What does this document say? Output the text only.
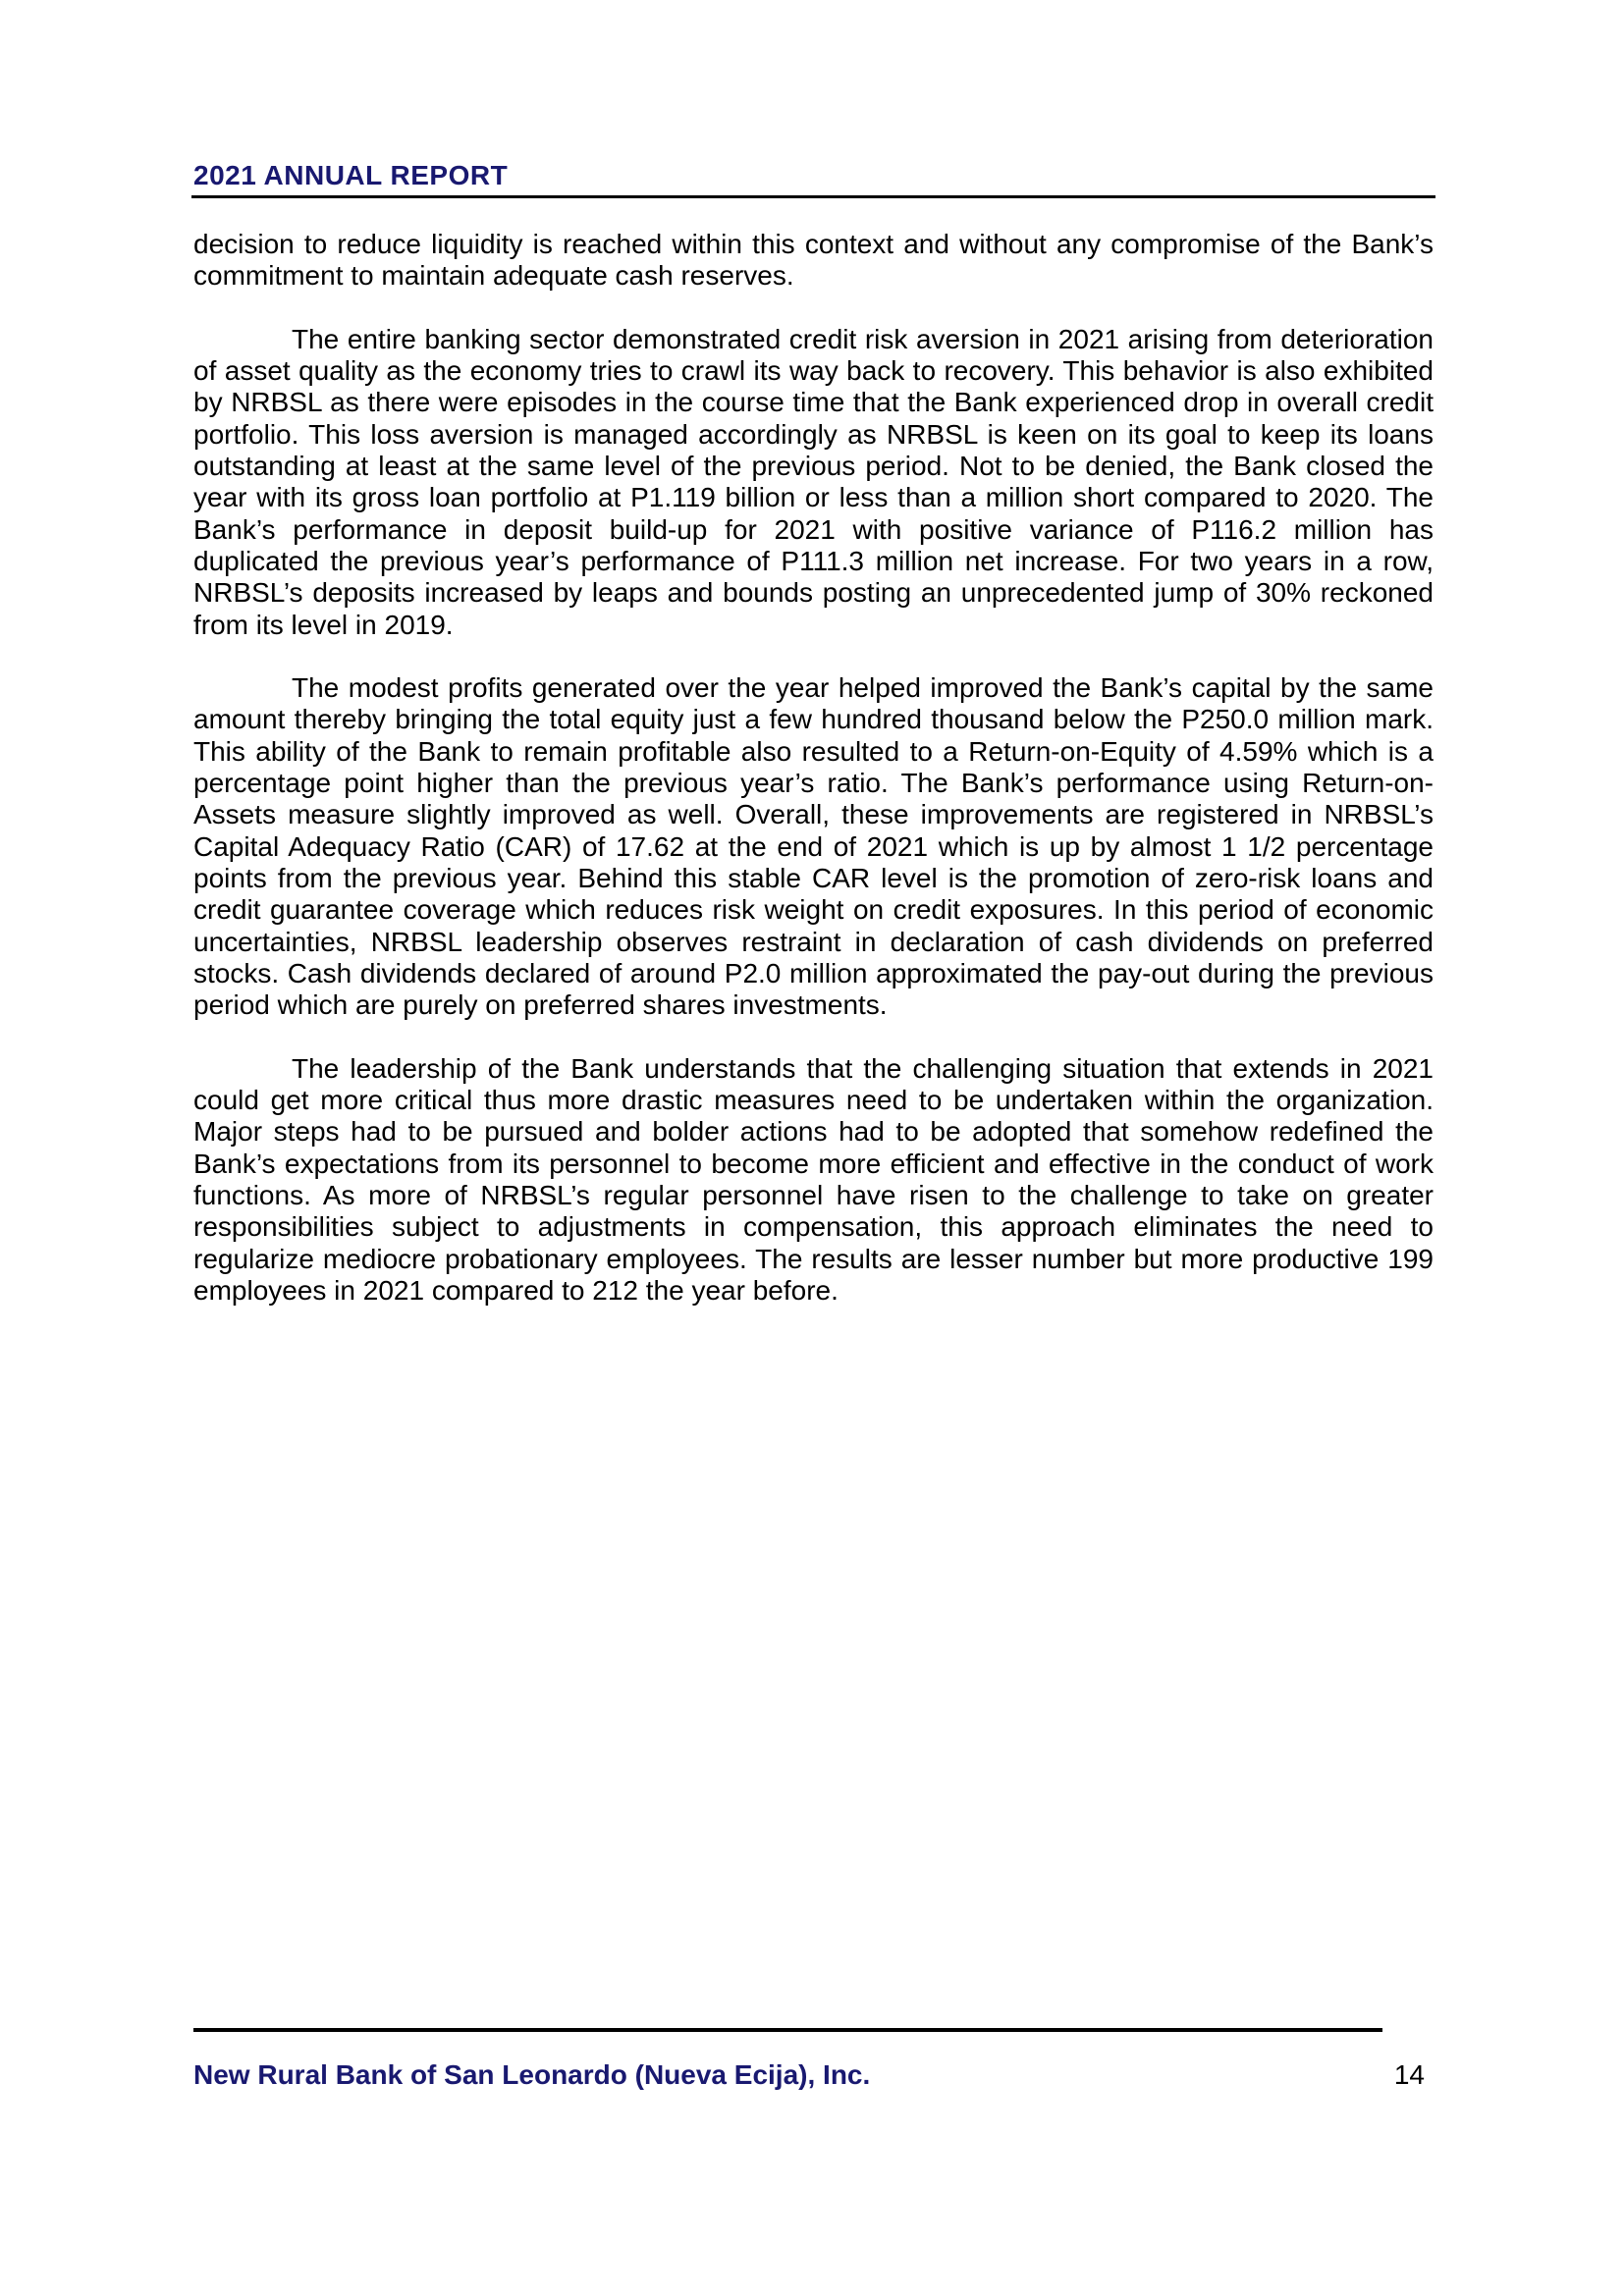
2021 ANNUAL REPORT

decision to reduce liquidity is reached within this context and without any compromise of the Bank’s commitment to maintain adequate cash reserves.

The entire banking sector demonstrated credit risk aversion in 2021 arising from deterioration of asset quality as the economy tries to crawl its way back to recovery. This behavior is also exhibited by NRBSL as there were episodes in the course time that the Bank experienced drop in overall credit portfolio. This loss aversion is managed accordingly as NRBSL is keen on its goal to keep its loans outstanding at least at the same level of the previous period. Not to be denied, the Bank closed the year with its gross loan portfolio at P1.119 billion or less than a million short compared to 2020. The Bank’s performance in deposit build-up for 2021 with positive variance of P116.2 million has duplicated the previous year’s performance of P111.3 million net increase. For two years in a row, NRBSL’s deposits increased by leaps and bounds posting an unprecedented jump of 30% reckoned from its level in 2019.

The modest profits generated over the year helped improved the Bank’s capital by the same amount thereby bringing the total equity just a few hundred thousand below the P250.0 million mark. This ability of the Bank to remain profitable also resulted to a Return-on-Equity of 4.59% which is a percentage point higher than the previous year’s ratio. The Bank’s performance using Return-on-Assets measure slightly improved as well. Overall, these improvements are registered in NRBSL’s Capital Adequacy Ratio (CAR) of 17.62 at the end of 2021 which is up by almost 1 1/2 percentage points from the previous year. Behind this stable CAR level is the promotion of zero-risk loans and credit guarantee coverage which reduces risk weight on credit exposures. In this period of economic uncertainties, NRBSL leadership observes restraint in declaration of cash dividends on preferred stocks. Cash dividends declared of around P2.0 million approximated the pay-out during the previous period which are purely on preferred shares investments.

The leadership of the Bank understands that the challenging situation that extends in 2021 could get more critical thus more drastic measures need to be undertaken within the organization. Major steps had to be pursued and bolder actions had to be adopted that somehow redefined the Bank’s expectations from its personnel to become more efficient and effective in the conduct of work functions. As more of NRBSL’s regular personnel have risen to the challenge to take on greater responsibilities subject to adjustments in compensation, this approach eliminates the need to regularize mediocre probationary employees. The results are lesser number but more productive 199 employees in 2021 compared to 212 the year before.

New Rural Bank of San Leonardo (Nueva Ecija), Inc.	14
